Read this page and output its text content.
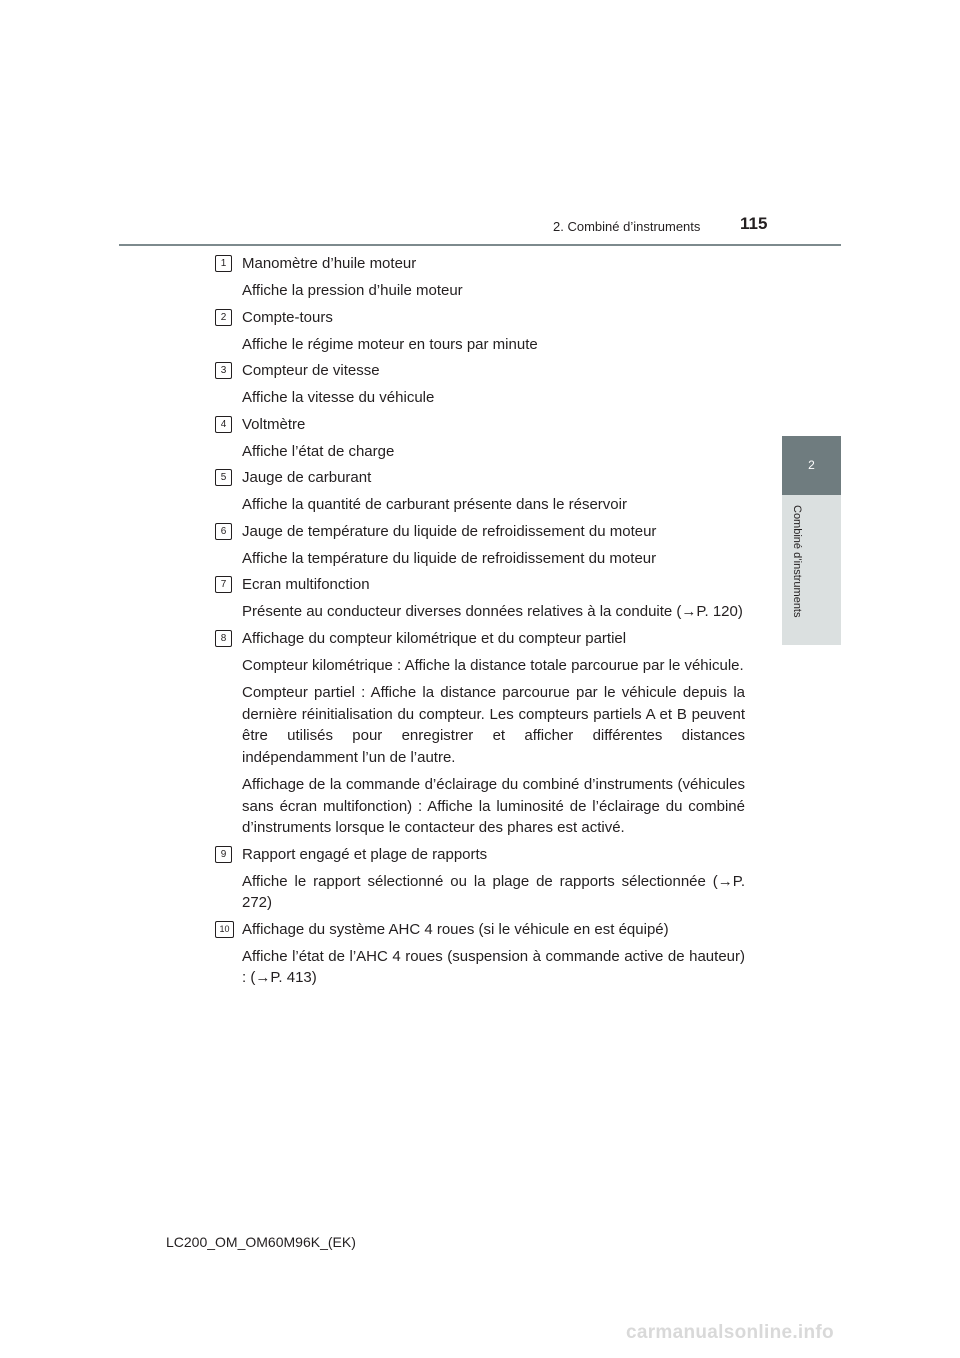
2. Combiné d’instruments 115
2
Combiné d’instruments
1	Manomètre d’huile moteur

Affiche la pression d’huile moteur

2	Compte-tours

Affiche le régime moteur en tours par minute

3	Compteur de vitesse

Affiche la vitesse du véhicule

4	Voltmètre

Affiche l’état de charge

5	Jauge de carburant

Affiche la quantité de carburant présente dans le réservoir

6	Jauge de température du liquide de refroidissement du moteur

Affiche la température du liquide de refroidissement du moteur

7	Ecran multifonction

Présente au conducteur diverses données relatives à la conduite (→P. 120)

8	Affichage du compteur kilométrique et du compteur partiel

Compteur kilométrique : Affiche la distance totale parcourue par le véhicule.

Compteur partiel : Affiche la distance parcourue par le véhicule depuis la dernière réinitialisation du compteur. Les compteurs partiels A et B peuvent être utilisés pour enregistrer et afficher différentes distances indépendamment l’un de l’autre.

Affichage de la commande d’éclairage du combiné d’instruments (véhicules sans écran multifonction) : Affiche la luminosité de l’éclairage du combiné d’instruments lorsque le contacteur des phares est activé.

9	Rapport engagé et plage de rapports

Affiche le rapport sélectionné ou la plage de rapports sélectionnée (→P. 272)

10 Affichage du système AHC 4 roues (si le véhicule en est équipé)

Affiche l’état de l’AHC 4 roues (suspension à commande active de hauteur) : (→P. 413)

LC200_OM_OM60M96K_(EK)
carmanualsonline.info
